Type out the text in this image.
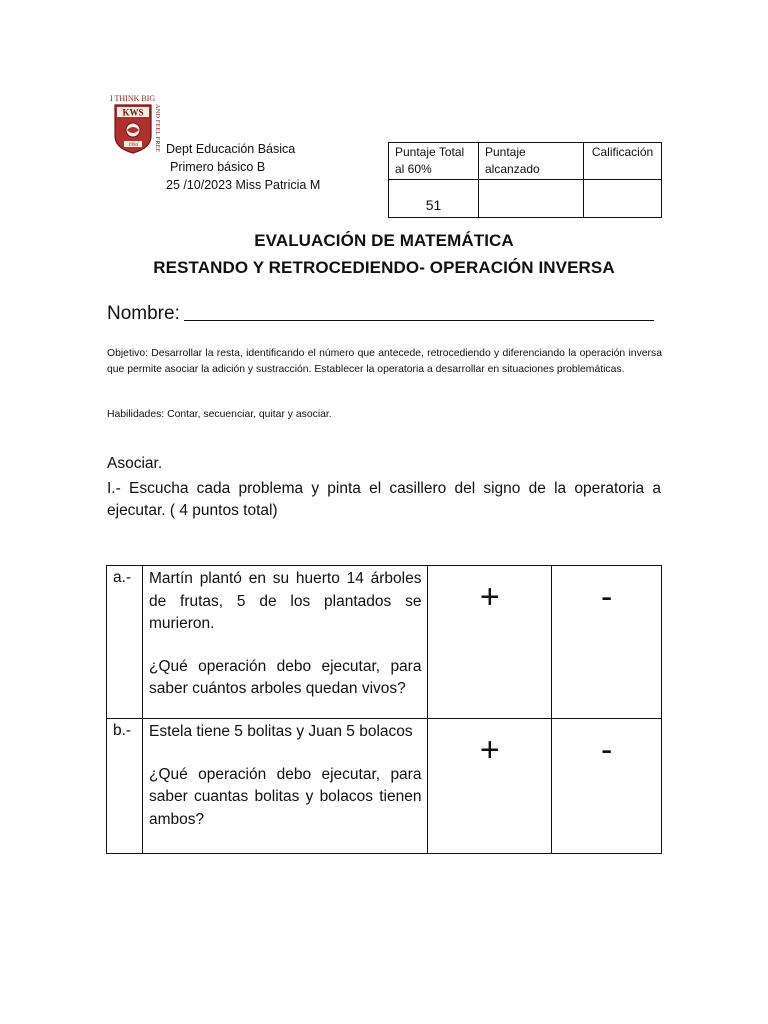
I THINK BIG
KWS
1994 AND FEEL FREE Dept Educación Básica
Primero básico B
25 /10/2023 Miss Patricia M
Puntaje Total al 60%	Puntaje alcanzado	Calificación
51		
EVALUACIÓN DE MATEMÁTICA
RESTANDO Y RETROCEDIENDO- OPERACIÓN INVERSA
Nombre:
Objetivo: Desarrollar la resta, identificando el número que antecede, retrocediendo y diferenciando la operación inversa que permite asociar la adición y sustracción. Establecer la operatoria a desarrollar en situaciones problemáticas.
Habilidades: Contar, secuenciar, quitar y asociar.
Asociar.
I.- Escucha cada problema y pinta el casillero del signo de la operatoria a ejecutar. ( 4 puntos total)
a.-	Martín plantó en su huerto 14 árboles de frutas, 5 de los plantados se murieron.
¿Qué operación debo ejecutar, para saber cuántos arboles quedan vivos?	+	-
b.-	Estela tiene 5 bolitas y Juan 5 bolacos
¿Qué operación debo ejecutar, para saber cuantas bolitas y bolacos tienen ambos?	+	-
